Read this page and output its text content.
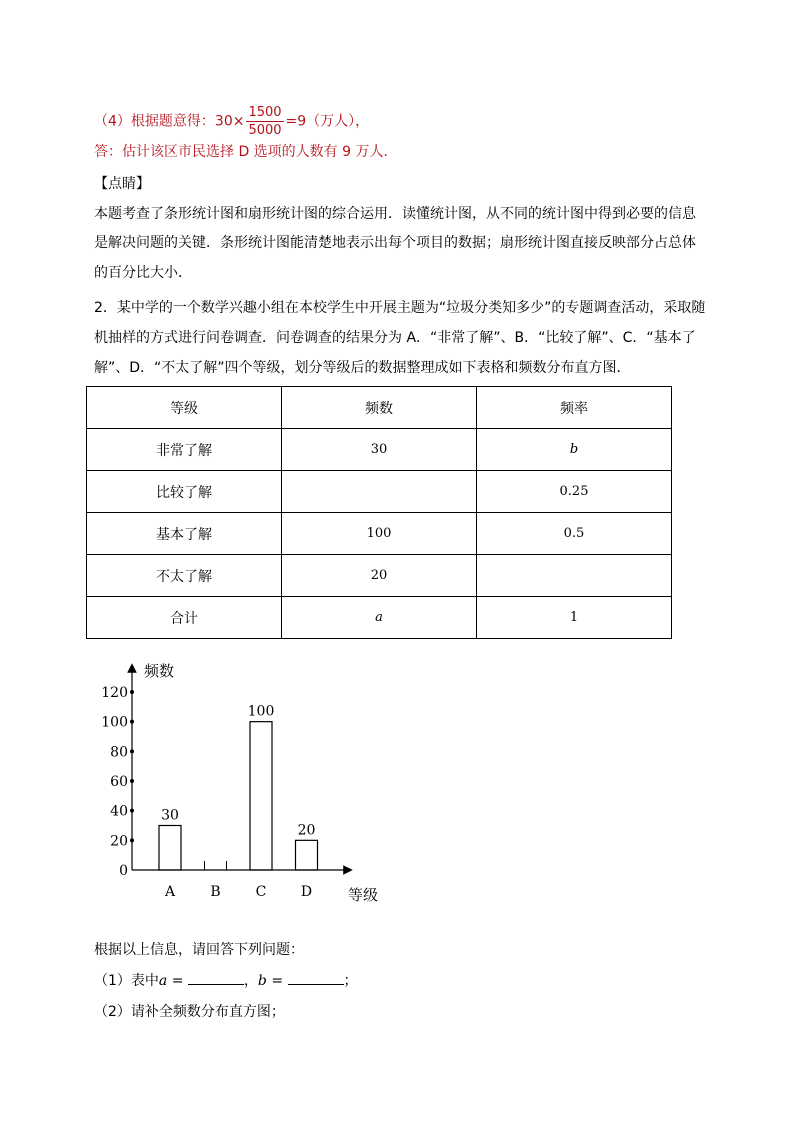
（4）根据题意得：$30\times \frac{1500}{5000} =9$（万人），
答：估计该区市民选择 D 选项的人数有 9 万人．
【点睛】
本题考查了条形统计图和扇形统计图的综合运用．读懂统计图，从不同的统计图中得到必要的信息
是解决问题的关键．条形统计图能清楚地表示出每个项目的数据；扇形统计图直接反映部分占总体
的百分比大小．
2．某中学的一个数学兴趣小组在本校学生中开展主题为“垃圾分类知多少”的专题调查活动，采取随
机抽样的方式进行问卷调查．问卷调查的结果分为 A．“非常了解”、B．“比较了解”、C．“基本了
解”、D．“不太了解”四个等级，划分等级后的数据整理成如下表格和频数分布直方图．
等级	频数	频率
非常了解	30	b
比较了解		0.25
基本了解	100	0.5
不太了解	20	
合计	a	1
频数
等级
0
20
40
60
80
100
120
30
A	B
100
C
20
D
根据以上信息，请回答下列问题：
（1）表中a =	，b =	；
（2）请补全频数分布直方图；
